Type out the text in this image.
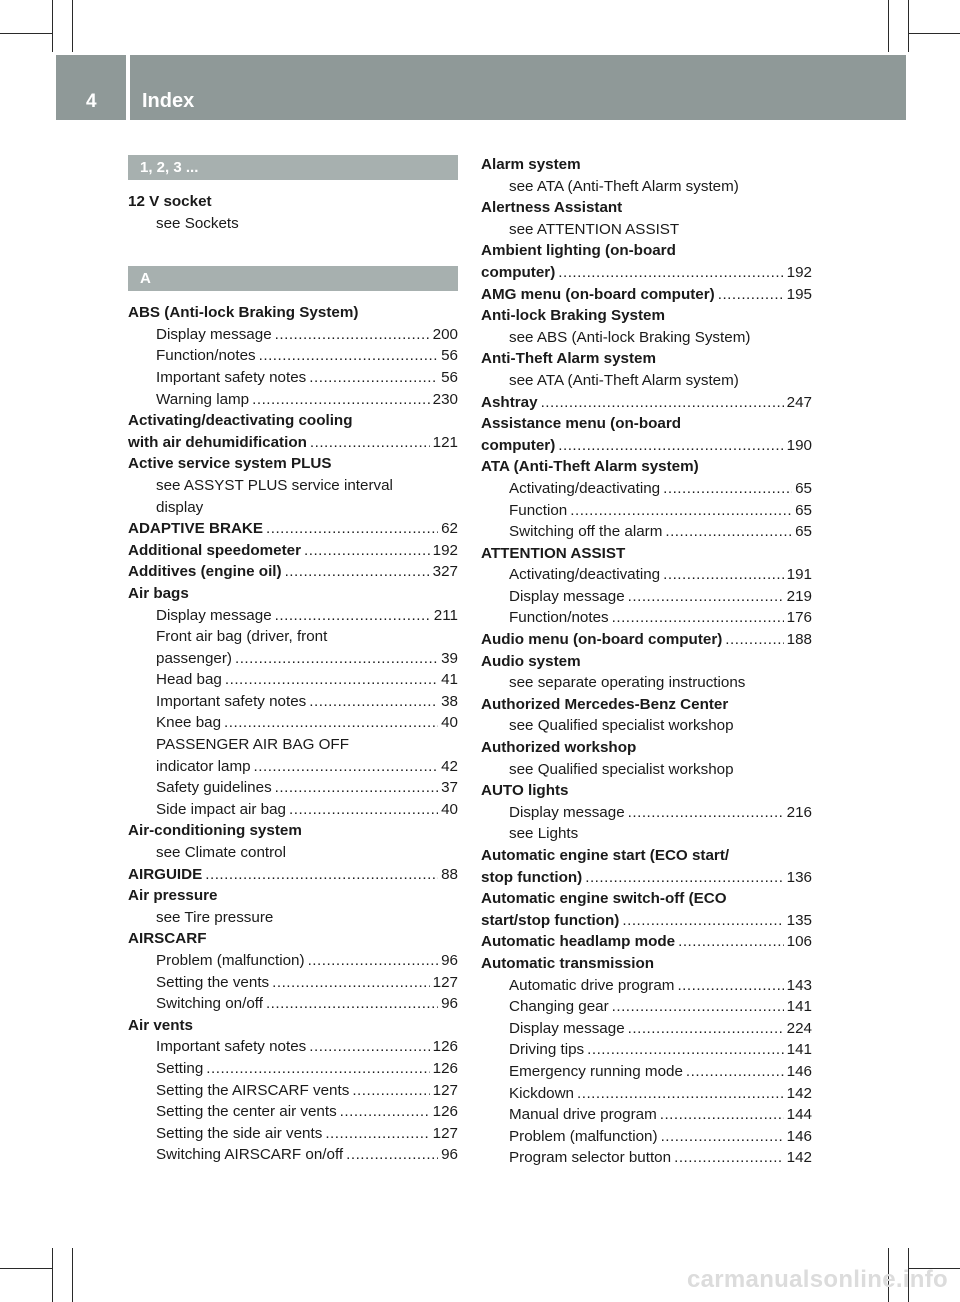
4 Index
1, 2, 3 ...
12 V socket
see Sockets
A
ABS (Anti-lock Braking System)
Display message .....	200
Function/notes .....	56
Important safety notes .....	56
Warning lamp .....	230
Activating/deactivating cooling
with air dehumidification .....	121
Active service system PLUS
see ASSYST PLUS service interval
display
ADAPTIVE BRAKE .....	62
Additional speedometer .....	192
Additives (engine oil) .....	327
Air bags
Display message .....	211
Front air bag (driver, front
passenger) .....	39
Head bag .....	41
Important safety notes .....	38
Knee bag .....	40
PASSENGER AIR BAG OFF
indicator lamp .....	42
Safety guidelines .....	37
Side impact air bag .....	40
Air-conditioning system
see Climate control
AIRGUIDE .....	88
Air pressure
see Tire pressure
AIRSCARF
Problem (malfunction) .....	96
Setting the vents .....	127
Switching on/off .....	96
Air vents
Important safety notes .....	126
Setting .....	126
Setting the AIRSCARF vents .....	127
Setting the center air vents .....	126
Setting the side air vents .....	127
Switching AIRSCARF on/off .....	96
Alarm system
see ATA (Anti-Theft Alarm system)
Alertness Assistant
see ATTENTION ASSIST
Ambient lighting (on-board
computer) .....	192
AMG menu (on-board computer) .....	195
Anti-lock Braking System
see ABS (Anti-lock Braking System)
Anti-Theft Alarm system
see ATA (Anti-Theft Alarm system)
Ashtray .....	247
Assistance menu (on-board
computer) .....	190
ATA (Anti-Theft Alarm system)
Activating/deactivating .....	65
Function .....	65
Switching off the alarm .....	65
ATTENTION ASSIST
Activating/deactivating .....	191
Display message .....	219
Function/notes .....	176
Audio menu (on-board computer) .....	188
Audio system
see separate operating instructions
Authorized Mercedes-Benz Center
see Qualified specialist workshop
Authorized workshop
see Qualified specialist workshop
AUTO lights
Display message .....	216
see Lights
Automatic engine start (ECO start/
stop function) .....	136
Automatic engine switch-off (ECO
start/stop function) .....	135
Automatic headlamp mode .....	106
Automatic transmission
Automatic drive program .....	143
Changing gear .....	141
Display message .....	224
Driving tips .....	141
Emergency running mode .....	146
Kickdown .....	142
Manual drive program .....	144
Problem (malfunction) .....	146
Program selector button .....	142
carmanualsonline.info
